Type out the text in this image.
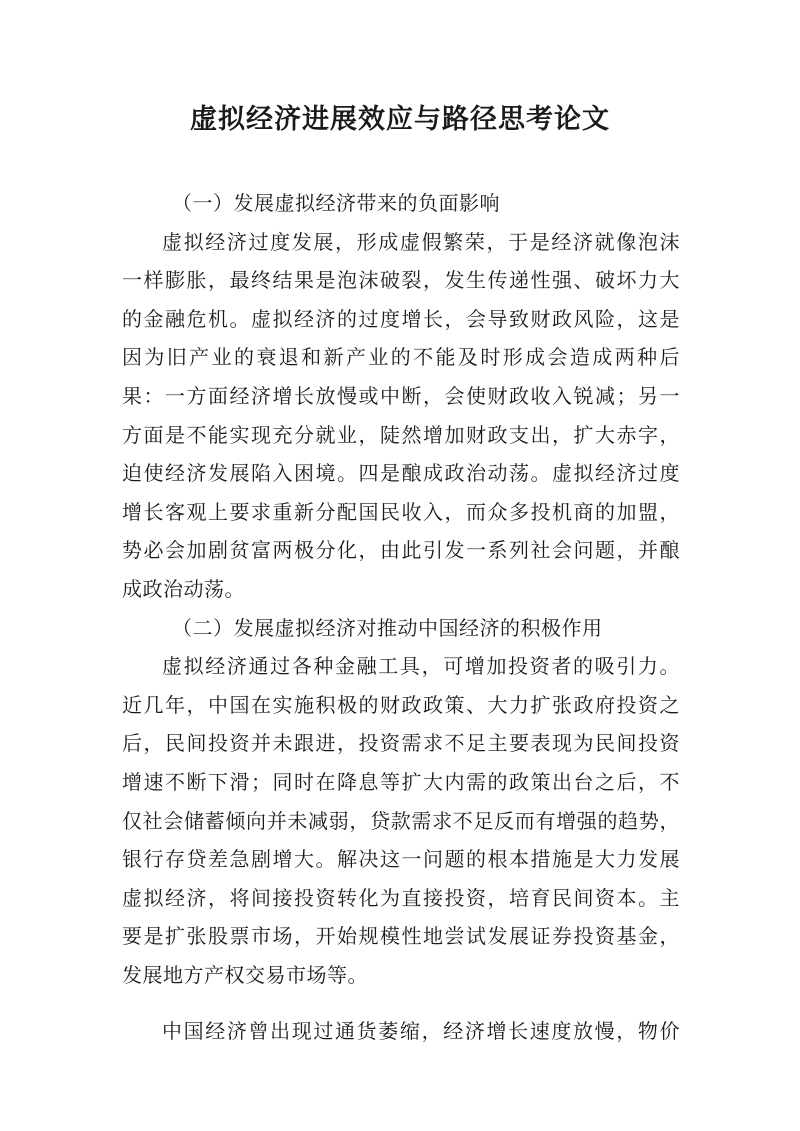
虚拟经济进展效应与路径思考论文
（一）发展虚拟经济带来的负面影响
虚拟经济过度发展，形成虚假繁荣，于是经济就像泡沫
一样膨胀，最终结果是泡沫破裂，发生传递性强、破坏力大
的金融危机。虚拟经济的过度增长，会导致财政风险，这是
因为旧产业的衰退和新产业的不能及时形成会造成两种后
果：一方面经济增长放慢或中断，会使财政收入锐减；另一
方面是不能实现充分就业，陡然增加财政支出，扩大赤字，
迫使经济发展陷入困境。四是酿成政治动荡。虚拟经济过度
增长客观上要求重新分配国民收入，而众多投机商的加盟，
势必会加剧贫富两极分化，由此引发一系列社会问题，并酿
成政治动荡。
（二）发展虚拟经济对推动中国经济的积极作用
虚拟经济通过各种金融工具，可增加投资者的吸引力。
近几年，中国在实施积极的财政政策、大力扩张政府投资之
后，民间投资并未跟进，投资需求不足主要表现为民间投资
增速不断下滑；同时在降息等扩大内需的政策出台之后，不
仅社会储蓄倾向并未减弱，贷款需求不足反而有增强的趋势，
银行存贷差急剧增大。解决这一问题的根本措施是大力发展
虚拟经济，将间接投资转化为直接投资，培育民间资本。主
要是扩张股票市场，开始规模性地尝试发展证券投资基金，
发展地方产权交易市场等。
中国经济曾出现过通货萎缩，经济增长速度放慢，物价
